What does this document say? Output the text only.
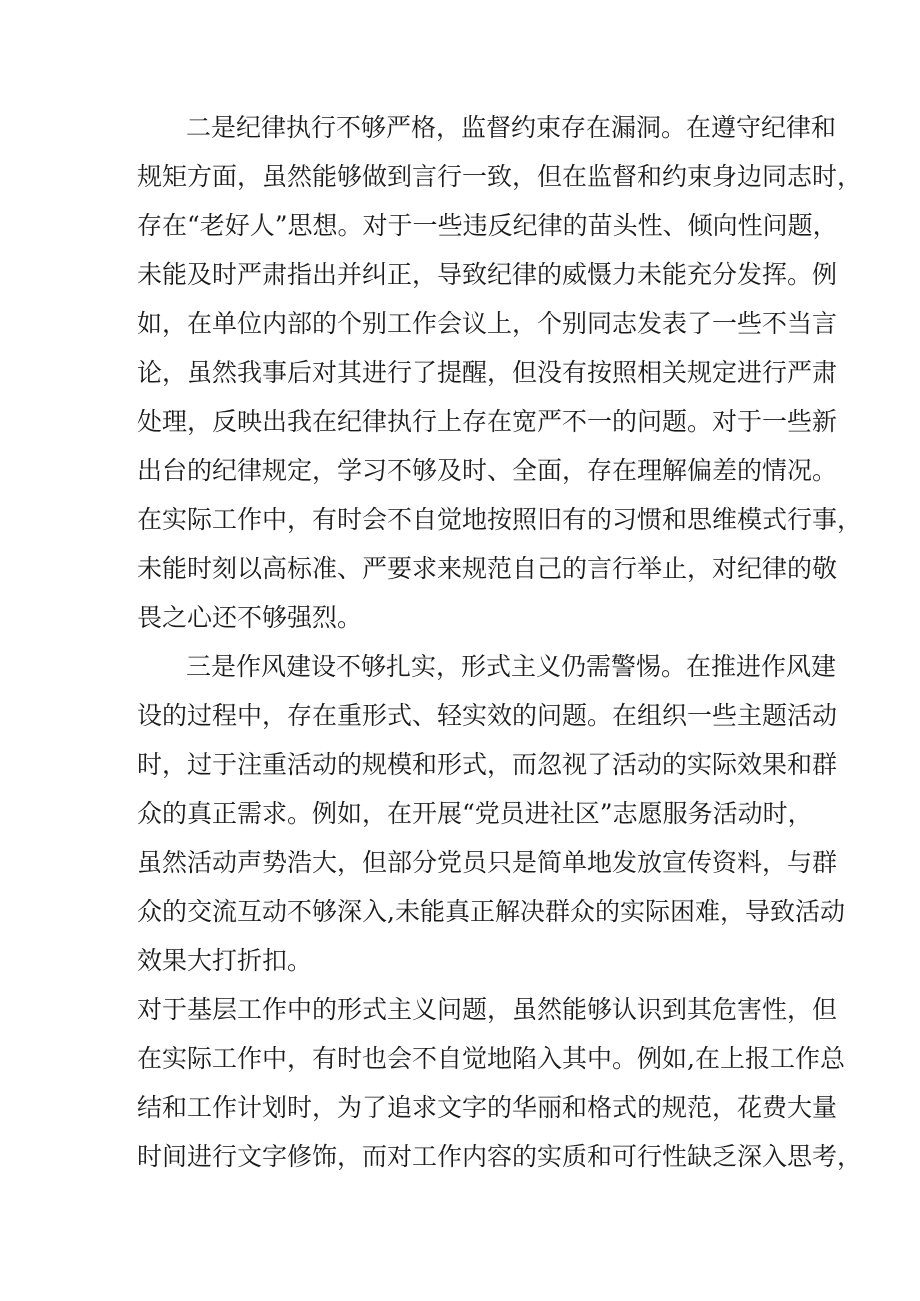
二是纪律执行不够严格，监督约束存在漏洞。在遵守纪律和
规矩方面，虽然能够做到言行一致，但在监督和约束身边同志时，
存在“老好人”思想。对于一些违反纪律的苗头性、倾向性问题，
未能及时严肃指出并纠正，导致纪律的威慑力未能充分发挥。例
如，在单位内部的个别工作会议上，个别同志发表了一些不当言
论，虽然我事后对其进行了提醒，但没有按照相关规定进行严肃
处理，反映出我在纪律执行上存在宽严不一的问题。对于一些新
出台的纪律规定，学习不够及时、全面，存在理解偏差的情况。
在实际工作中，有时会不自觉地按照旧有的习惯和思维模式行事，
未能时刻以高标准、严要求来规范自己的言行举止，对纪律的敬
畏之心还不够强烈。
三是作风建设不够扎实，形式主义仍需警惕。在推进作风建
设的过程中，存在重形式、轻实效的问题。在组织一些主题活动
时，过于注重活动的规模和形式，而忽视了活动的实际效果和群
众的真正需求。例如，在开展“党员进社区”志愿服务活动时，
虽然活动声势浩大，但部分党员只是简单地发放宣传资料，与群
众的交流互动不够深入,未能真正解决群众的实际困难，导致活动
效果大打折扣。
对于基层工作中的形式主义问题，虽然能够认识到其危害性，但
在实际工作中，有时也会不自觉地陷入其中。例如,在上报工作总
结和工作计划时，为了追求文字的华丽和格式的规范，花费大量
时间进行文字修饰，而对工作内容的实质和可行性缺乏深入思考，
